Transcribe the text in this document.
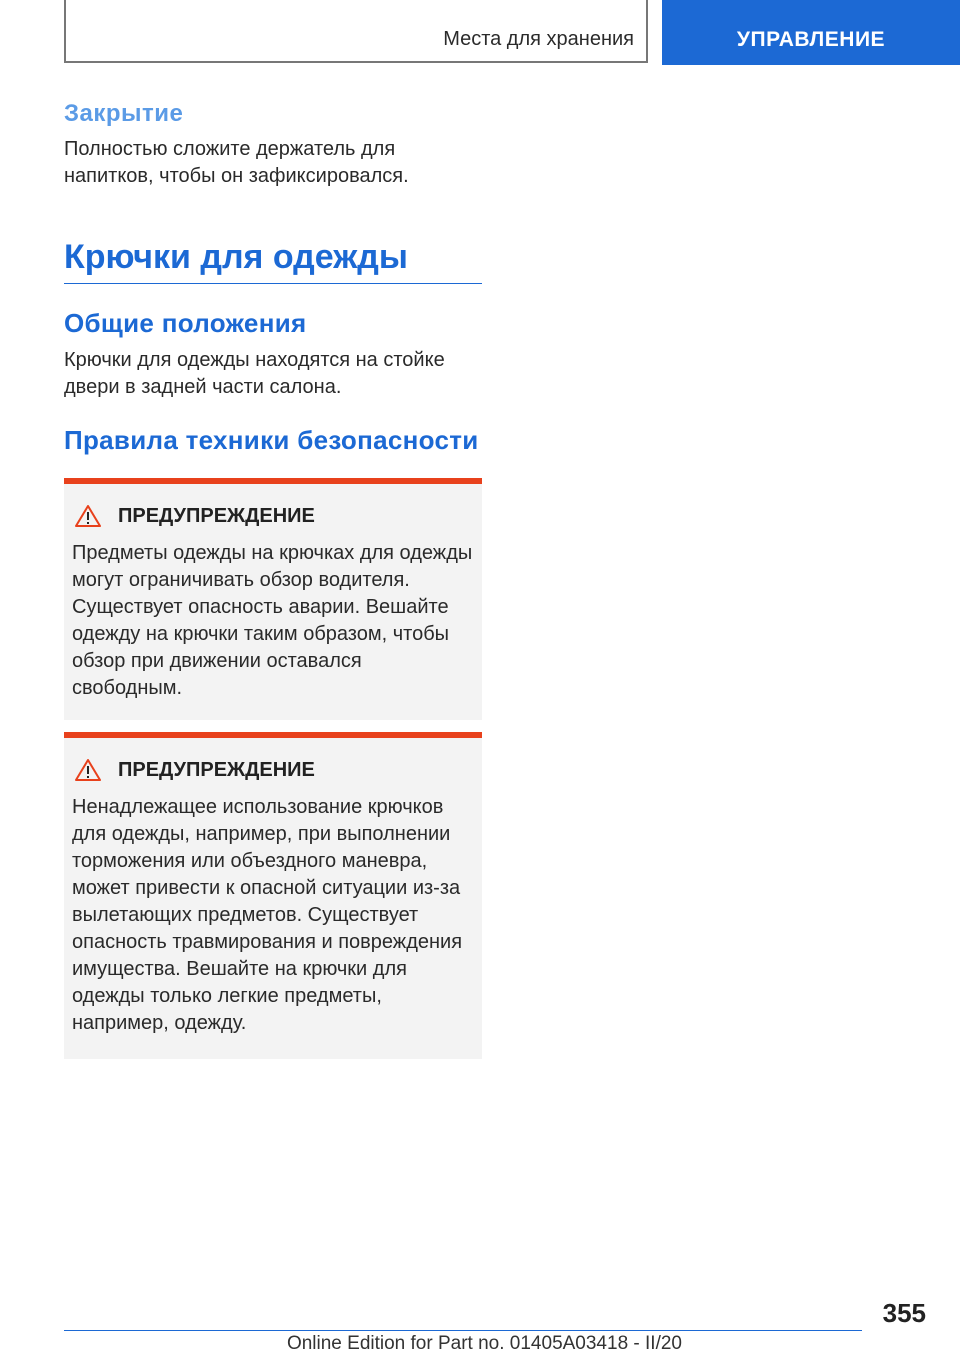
Места для хранения	УПРАВЛЕНИЕ
Закрытие

Полностью сложите держатель для напитков, чтобы он зафиксировался.

Крючки для одежды
Общие положения

Крючки для одежды находятся на стойке двери в задней части салона.

Правила техники безопасности
ПРЕДУПРЕЖДЕНИЕ
Предметы одежды на крючках для одежды могут ограничивать обзор водителя. Существует опасность аварии. Вешайте одежду на крючки таким образом, чтобы обзор при движении оставался свободным.
ПРЕДУПРЕЖДЕНИЕ
Ненадлежащее использование крючков для одежды, например, при выполнении торможения или объездного маневра, может привести к опасной ситуации из-за вылетающих предметов. Существует опасность травмирования и повреждения имущества. Вешайте на крючки для одежды только легкие предметы, например, одежду.
355
Online Edition for Part no. 01405A03418 - II/20
